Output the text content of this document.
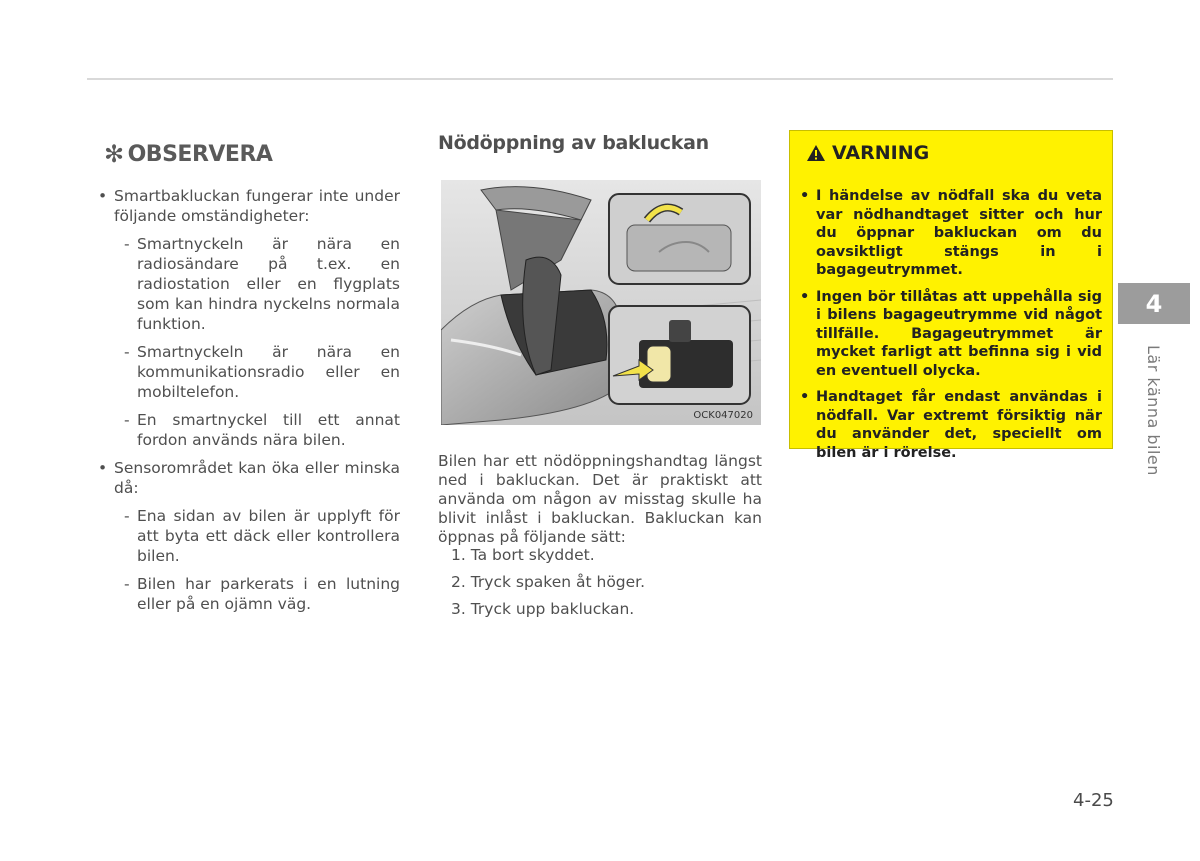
✻ OBSERVERA
• Smartbakluckan fungerar inte under följande omständigheter:
- Smartnyckeln är nära en radiosändare på t.ex. en radiostation eller en flygplats som kan hindra nyckelns normala funktion.
- Smartnyckeln är nära en kommunikationsradio eller en mobiltelefon.
- En smartnyckel till ett annat fordon används nära bilen.
• Sensorområdet kan öka eller minska då:
- Ena sidan av bilen är upplyft för att byta ett däck eller kontrollera bilen.
- Bilen har parkerats i en lutning eller på en ojämn väg.
Nödöppning av bakluckan
OCK047020
Bilen har ett nödöppningshandtag längst ned i bakluckan. Det är praktiskt att använda om någon av misstag skulle ha blivit inlåst i bakluckan. Bakluckan kan öppnas på följande sätt:
1. Ta bort skyddet.
2. Tryck spaken åt höger.
3. Tryck upp bakluckan.
VARNING
• I händelse av nödfall ska du veta var nödhandtaget sitter och hur du öppnar bakluckan om du oavsiktligt stängs in i bagageutrymmet.
• Ingen bör tillåtas att uppehålla sig i bilens bagageutrymme vid något tillfälle. Bagageutrymmet är mycket farligt att befinna sig i vid en eventuell olycka.
• Handtaget får endast användas i nödfall. Var extremt försiktig när du använder det, speciellt om bilen är i rörelse.
4
Lär känna bilen
4-25
